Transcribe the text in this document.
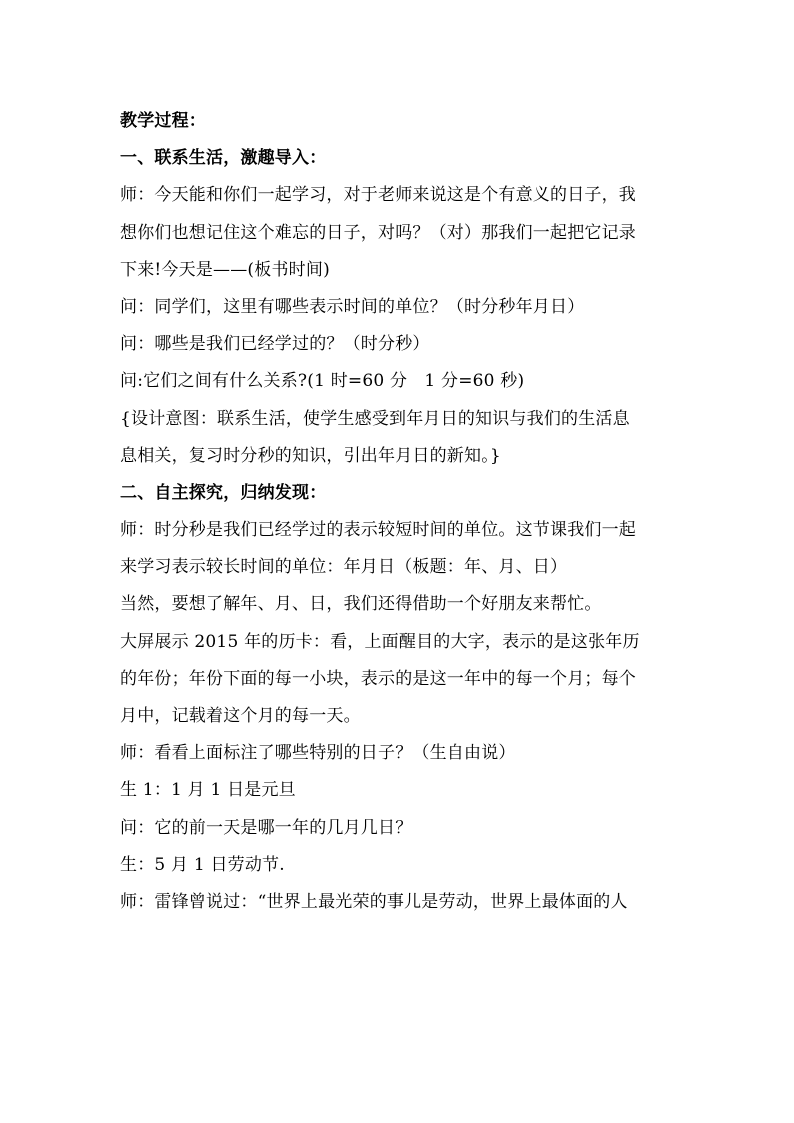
教学过程：
一、联系生活，激趣导入：
师：今天能和你们一起学习，对于老师来说这是个有意义的日子，我
想你们也想记住这个难忘的日子，对吗？（对）那我们一起把它记录
下来!今天是——(板书时间)
问：同学们，这里有哪些表示时间的单位？（时分秒年月日）
问：哪些是我们已经学过的？（时分秒）
问:它们之间有什么关系?(1 时=60 分　1 分=60 秒)
{设计意图：联系生活，使学生感受到年月日的知识与我们的生活息
息相关，复习时分秒的知识，引出年月日的新知。}
二、自主探究，归纳发现：
师：时分秒是我们已经学过的表示较短时间的单位。这节课我们一起
来学习表示较长时间的单位：年月日（板题：年、月、日）
当然，要想了解年、月、日，我们还得借助一个好朋友来帮忙。
大屏展示 2015 年的历卡：看，上面醒目的大字，表示的是这张年历
的年份；年份下面的每一小块，表示的是这一年中的每一个月；每个
月中，记载着这个月的每一天。
师：看看上面标注了哪些特别的日子？（生自由说）
生 1：1 月 1 日是元旦
问：它的前一天是哪一年的几月几日？
生：5 月 1 日劳动节.
师：雷锋曾说过：“世界上最光荣的事儿是劳动，世界上最体面的人
